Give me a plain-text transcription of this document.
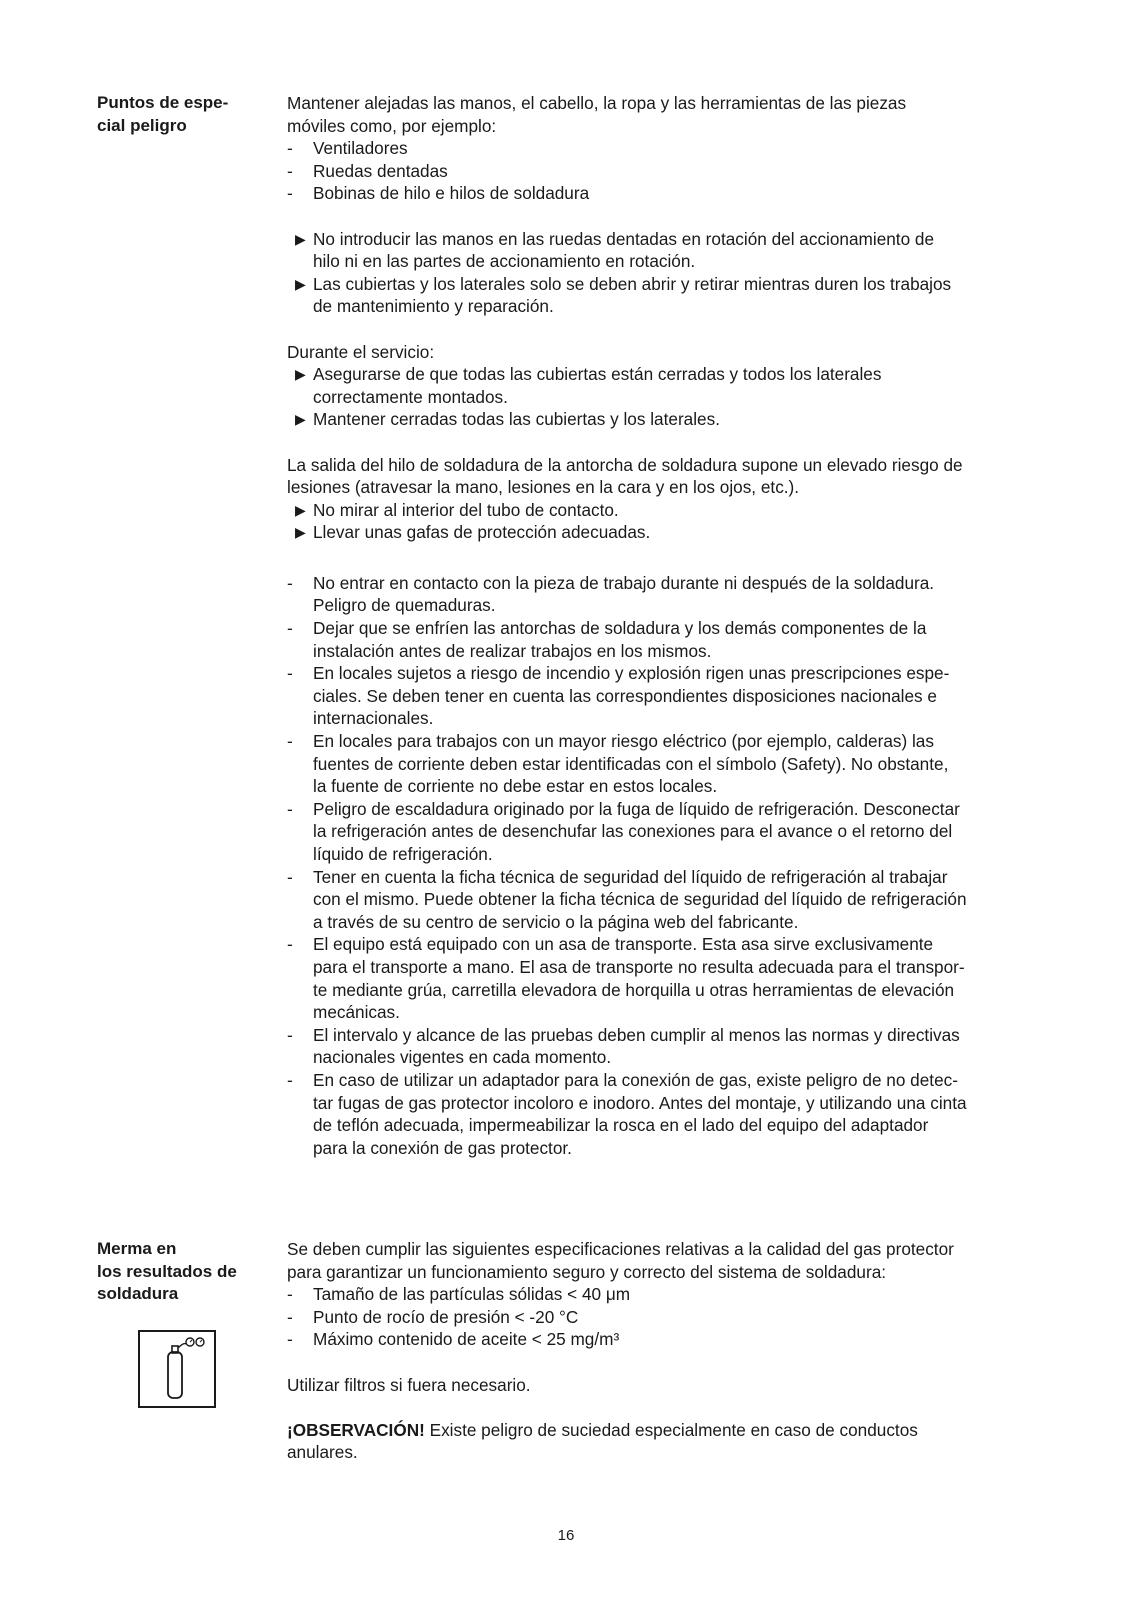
Puntos de espe-
cial peligro

Mantener alejadas las manos, el cabello, la ropa y las herramientas de las piezas

móviles como, por ejemplo:

- Ventiladores

- Ruedas dentadas

- Bobinas de hilo e hilos de soldadura

▶ No introducir las manos en las ruedas dentadas en rotación del accionamiento de
hilo ni en las partes de accionamiento en rotación.
▶ Las cubiertas y los laterales solo se deben abrir y retirar mientras duren los trabajos
de mantenimiento y reparación.

Durante el servicio:

▶ Asegurarse de que todas las cubiertas están cerradas y todos los laterales
correctamente montados.
▶ Mantener cerradas todas las cubiertas y los laterales.

La salida del hilo de soldadura de la antorcha de soldadura supone un elevado riesgo de

lesiones (atravesar la mano, lesiones en la cara y en los ojos, etc.).

▶ No mirar al interior del tubo de contacto.
▶ Llevar unas gafas de protección adecuadas.
- No entrar en contacto con la pieza de trabajo durante ni después de la soldadura.
Peligro de quemaduras.
- Dejar que se enfríen las antorchas de soldadura y los demás componentes de la
instalación antes de realizar trabajos en los mismos.
- En locales sujetos a riesgo de incendio y explosión rigen unas prescripciones espe-
ciales. Se deben tener en cuenta las correspondientes disposiciones nacionales e
internacionales.
- En locales para trabajos con un mayor riesgo eléctrico (por ejemplo, calderas) las
fuentes de corriente deben estar identificadas con el símbolo (Safety). No obstante,
la fuente de corriente no debe estar en estos locales.
- Peligro de escaldadura originado por la fuga de líquido de refrigeración. Desconectar
la refrigeración antes de desenchufar las conexiones para el avance o el retorno del
líquido de refrigeración.
- Tener en cuenta la ficha técnica de seguridad del líquido de refrigeración al trabajar
con el mismo. Puede obtener la ficha técnica de seguridad del líquido de refrigeración
a través de su centro de servicio o la página web del fabricante.
- El equipo está equipado con un asa de transporte. Esta asa sirve exclusivamente
para el transporte a mano. El asa de transporte no resulta adecuada para el transpor-
te mediante grúa, carretilla elevadora de horquilla u otras herramientas de elevación
mecánicas.
- El intervalo y alcance de las pruebas deben cumplir al menos las normas y directivas
nacionales vigentes en cada momento.
- En caso de utilizar un adaptador para la conexión de gas, existe peligro de no detec-
tar fugas de gas protector incoloro e inodoro. Antes del montaje, y utilizando una cinta
de teflón adecuada, impermeabilizar la rosca en el lado del equipo del adaptador
para la conexión de gas protector.
Merma en
los resultados de
soldadura

Se deben cumplir las siguientes especificaciones relativas a la calidad del gas protector

para garantizar un funcionamiento seguro y correcto del sistema de soldadura:

- Tamaño de las partículas sólidas < 40 μm

- Punto de rocío de presión < -20 °C

- Máximo contenido de aceite < 25 mg/m³

Utilizar filtros si fuera necesario.

¡OBSERVACIÓN! Existe peligro de suciedad especialmente en caso de conductos

anulares.

16
